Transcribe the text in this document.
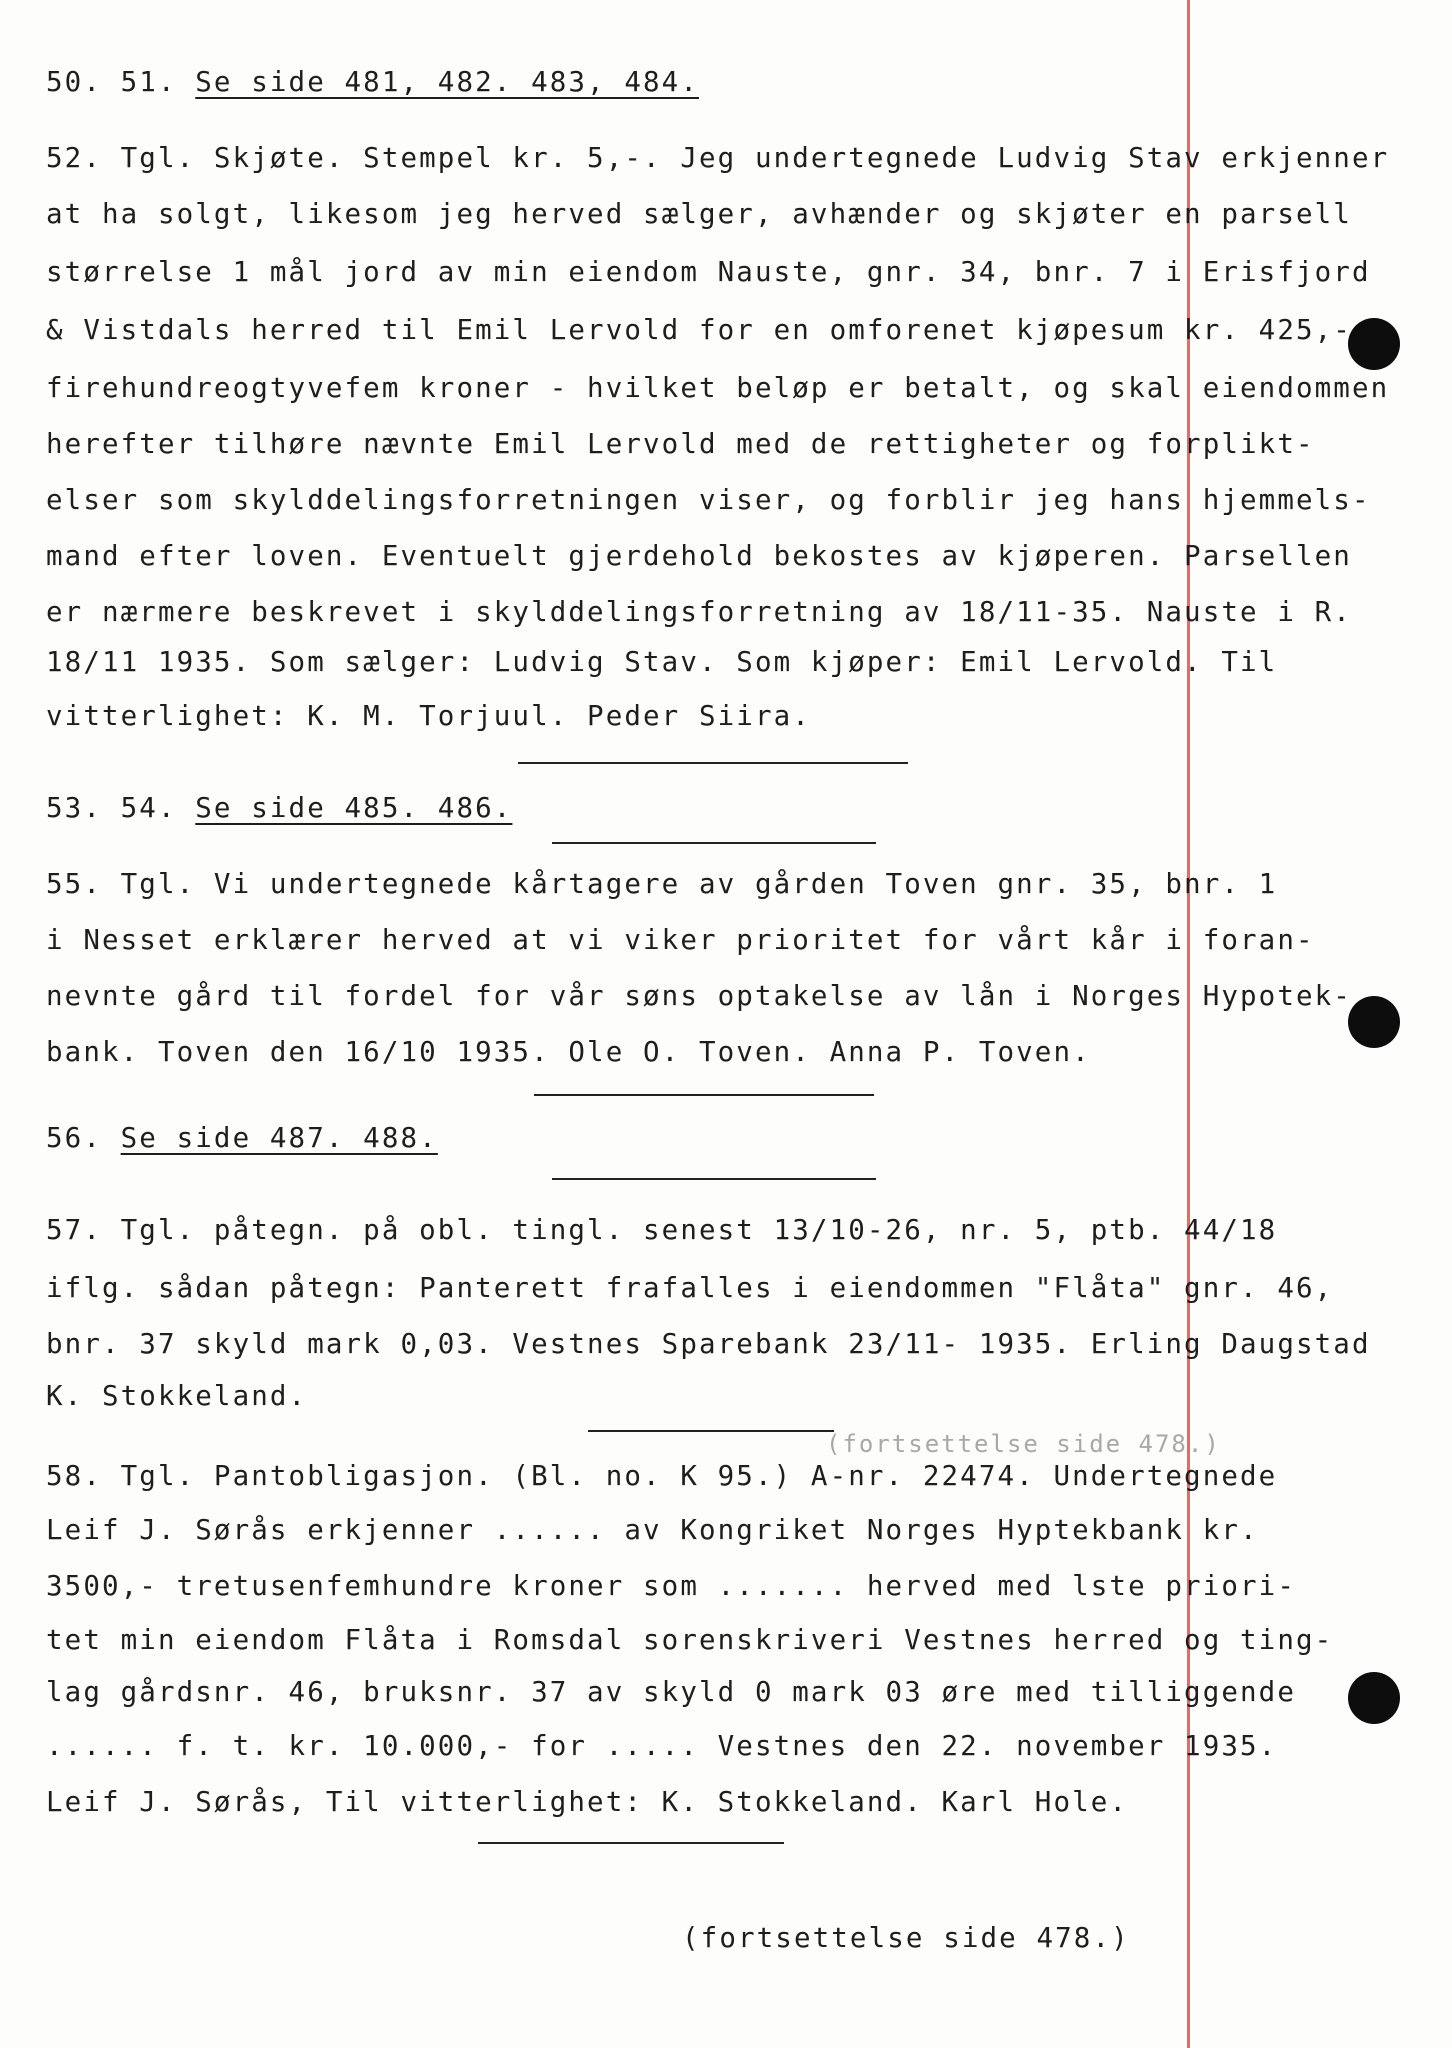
50. 51. Se side 481, 482. 483, 484.
52. Tgl. Skjøte. Stempel kr. 5,-. Jeg undertegnede Ludvig Stav erkjenner
at ha solgt, likesom jeg herved sælger, avhænder og skjøter en parsell
størrelse 1 mål jord av min eiendom Nauste, gnr. 34, bnr. 7 i Erisfjord
& Vistdals herred til Emil Lervold for en omforenet kjøpesum kr. 425,-
firehundreogtyvefem kroner - hvilket beløp er betalt, og skal eiendommen
herefter tilhøre nævnte Emil Lervold med de rettigheter og forplikt-
elser som skylddelingsforretningen viser, og forblir jeg hans hjemmels-
mand efter loven. Eventuelt gjerdehold bekostes av kjøperen. Parsellen
er nærmere beskrevet i skylddelingsforretning av 18/11-35. Nauste i R.
18/11 1935. Som sælger: Ludvig Stav. Som kjøper: Emil Lervold. Til
vitterlighet: K. M. Torjuul. Peder Siira.
53. 54. Se side 485. 486.
55. Tgl. Vi undertegnede kårtagere av gården Toven gnr. 35, bnr. 1
i Nesset erklærer herved at vi viker prioritet for vårt kår i foran-
nevnte gård til fordel for vår søns optakelse av lån i Norges Hypotek-
bank. Toven den 16/10 1935. Ole O. Toven. Anna P. Toven.
56. Se side 487. 488.
57. Tgl. påtegn. på obl. tingl. senest 13/10-26, nr. 5, ptb. 44/18
iflg. sådan påtegn: Panterett frafalles i eiendommen "Flåta" gnr. 46,
bnr. 37 skyld mark 0,03. Vestnes Sparebank 23/11- 1935. Erling Daugstad
K. Stokkeland.
(fortsettelse side 478.)
58. Tgl. Pantobligasjon. (Bl. no. K 95.) A-nr. 22474. Undertegnede
Leif J. Sørås erkjenner ...... av Kongriket Norges Hyptekbank kr.
3500,- tretusenfemhundre kroner som ....... herved med lste priori-
tet min eiendom Flåta i Romsdal sorenskriveri Vestnes herred og ting-
lag gårdsnr. 46, bruksnr. 37 av skyld 0 mark 03 øre med tilliggende
...... f. t. kr. 10.000,- for ..... Vestnes den 22. november 1935.
Leif J. Sørås, Til vitterlighet: K. Stokkeland. Karl Hole.
(fortsettelse side 478.)
